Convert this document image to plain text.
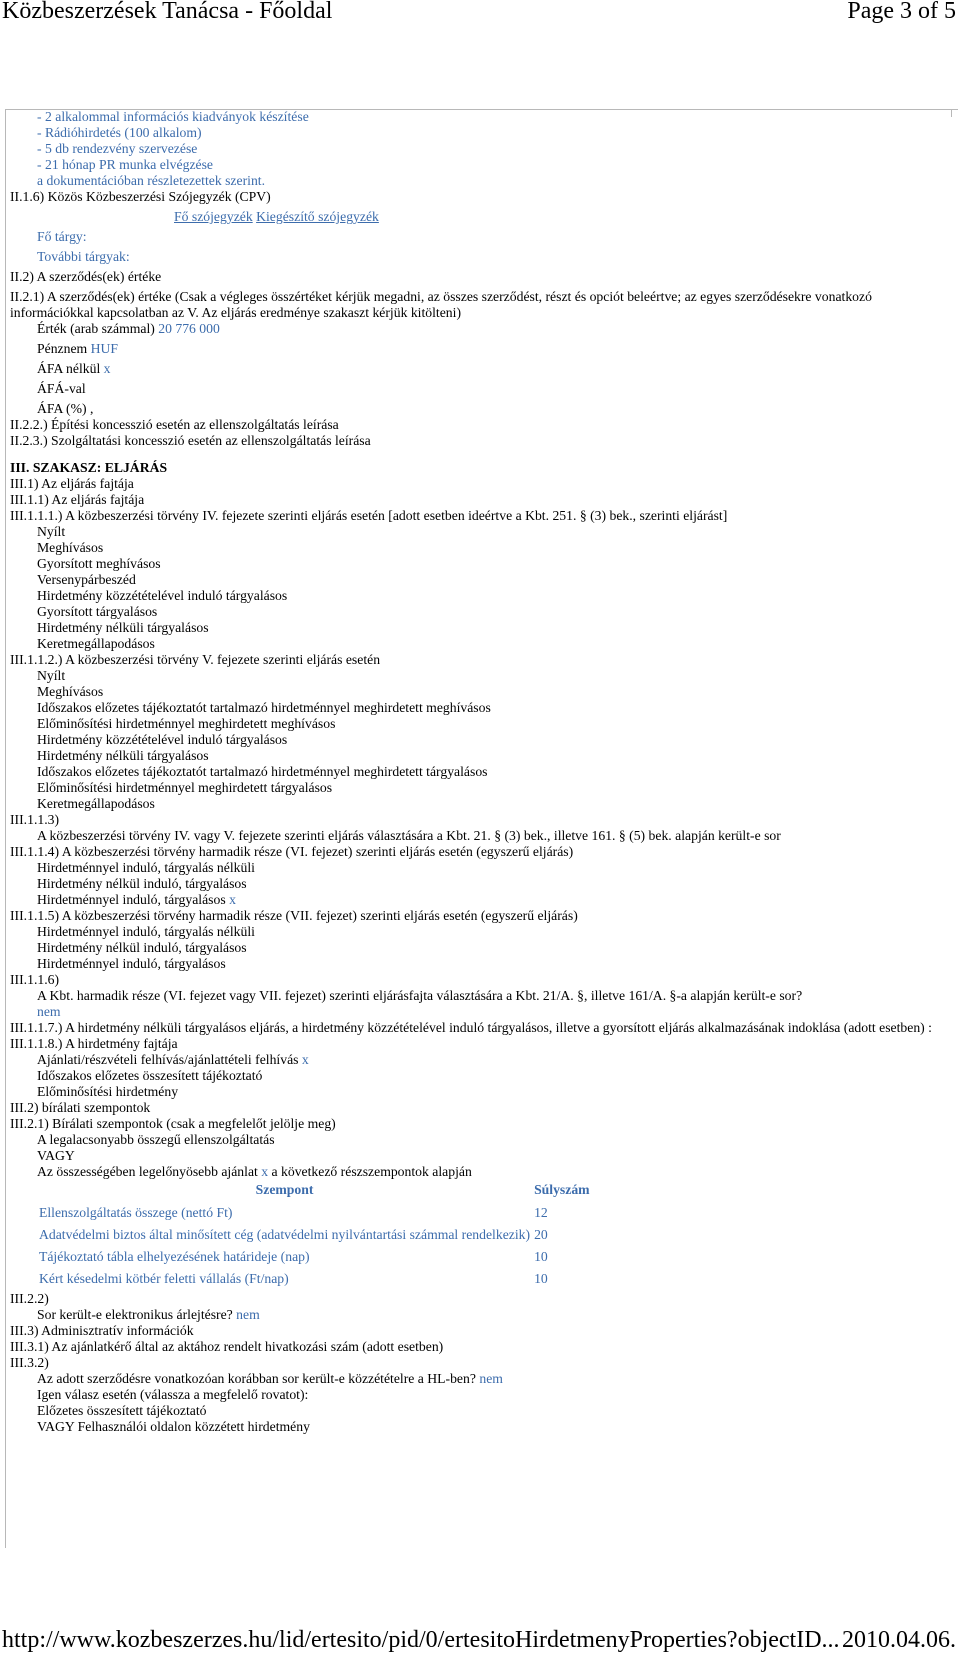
Közbeszerzések Tanácsa - Főoldal	Page 3 of 5
- 2 alkalommal információs kiadványok készítése
- Rádióhirdetés (100 alkalom)
- 5 db rendezvény szervezése
- 21 hónap PR munka elvégzése
a dokumentációban részletezettek szerint.
II.1.6) Közös Közbeszerzési Szójegyzék (CPV)
Fő szójegyzék Kiegészítő szójegyzék
Fő tárgy:
További tárgyak:
II.2) A szerződés(ek) értéke
II.2.1) A szerződés(ek) értéke (Csak a végleges összértéket kérjük megadni, az összes szerződést, részt és opciót beleértve; az egyes szerződésekre vonatkozó információkkal kapcsolatban az V. Az eljárás eredménye szakaszt kérjük kitölteni)
Érték (arab számmal) 20 776 000
Pénznem HUF
ÁFA nélkül x
ÁFÁ-val
ÁFA (%) ,
II.2.2.) Építési koncesszió esetén az ellenszolgáltatás leírása
II.2.3.) Szolgáltatási koncesszió esetén az ellenszolgáltatás leírása
III. SZAKASZ: ELJÁRÁS
III.1) Az eljárás fajtája
III.1.1) Az eljárás fajtája
III.1.1.1.) A közbeszerzési törvény IV. fejezete szerinti eljárás esetén [adott esetben ideértve a Kbt. 251. § (3) bek., szerinti eljárást]
Nyílt
Meghívásos
Gyorsított meghívásos
Versenypárbeszéd
Hirdetmény közzétételével induló tárgyalásos
Gyorsított tárgyalásos
Hirdetmény nélküli tárgyalásos
Keretmegállapodásos
III.1.1.2.) A közbeszerzési törvény V. fejezete szerinti eljárás esetén
Nyílt
Meghívásos
Időszakos előzetes tájékoztatót tartalmazó hirdetménnyel meghirdetett meghívásos
Előminősítési hirdetménnyel meghirdetett meghívásos
Hirdetmény közzétételével induló tárgyalásos
Hirdetmény nélküli tárgyalásos
Időszakos előzetes tájékoztatót tartalmazó hirdetménnyel meghirdetett tárgyalásos
Előminősítési hirdetménnyel meghirdetett tárgyalásos
Keretmegállapodásos
III.1.1.3)
A közbeszerzési törvény IV. vagy V. fejezete szerinti eljárás választására a Kbt. 21. § (3) bek., illetve 161. § (5) bek. alapján került-e sor
III.1.1.4) A közbeszerzési törvény harmadik része (VI. fejezet) szerinti eljárás esetén (egyszerű eljárás)
Hirdetménnyel induló, tárgyalás nélküli
Hirdetmény nélkül induló, tárgyalásos
Hirdetménnyel induló, tárgyalásos x
III.1.1.5) A közbeszerzési törvény harmadik része (VII. fejezet) szerinti eljárás esetén (egyszerű eljárás)
Hirdetménnyel induló, tárgyalás nélküli
Hirdetmény nélkül induló, tárgyalásos
Hirdetménnyel induló, tárgyalásos
III.1.1.6)
A Kbt. harmadik része (VI. fejezet vagy VII. fejezet) szerinti eljárásfajta választására a Kbt. 21/A. §, illetve 161/A. §-a alapján került-e sor?
nem
III.1.1.7.) A hirdetmény nélküli tárgyalásos eljárás, a hirdetmény közzétételével induló tárgyalásos, illetve a gyorsított eljárás alkalmazásának indoklása (adott esetben) :
III.1.1.8.) A hirdetmény fajtája
Ajánlati/részvételi felhívás/ajánlattételi felhívás x
Időszakos előzetes összesített tájékoztató
Előminősítési hirdetmény
III.2) bírálati szempontok
III.2.1) Bírálati szempontok (csak a megfelelőt jelölje meg)
A legalacsonyabb összegű ellenszolgáltatás
VAGY
Az összességében legelőnyösebb ajánlat x a következő részszempontok alapján
Szempont	Súlyszám
Ellenszolgáltatás összege (nettó Ft)	12
Adatvédelmi biztos által minősített cég (adatvédelmi nyilvántartási számmal rendelkezik)	20
Tájékoztató tábla elhelyezésének határideje (nap)	10
Kért késedelmi kötbér feletti vállalás (Ft/nap)	10
III.2.2)
Sor került-e elektronikus árlejtésre? nem
III.3) Adminisztratív információk
III.3.1) Az ajánlatkérő által az aktához rendelt hivatkozási szám (adott esetben)
III.3.2)
Az adott szerződésre vonatkozóan korábban sor került-e közzétételre a HL-ben? nem
Igen válasz esetén (válassza a megfelelő rovatot):
Előzetes összesített tájékoztató
VAGY Felhasználói oldalon közzétett hirdetmény
http://www.kozbeszerzes.hu/lid/ertesito/pid/0/ertesitoHirdetmenyProperties?objectID... 2010.04.06.
